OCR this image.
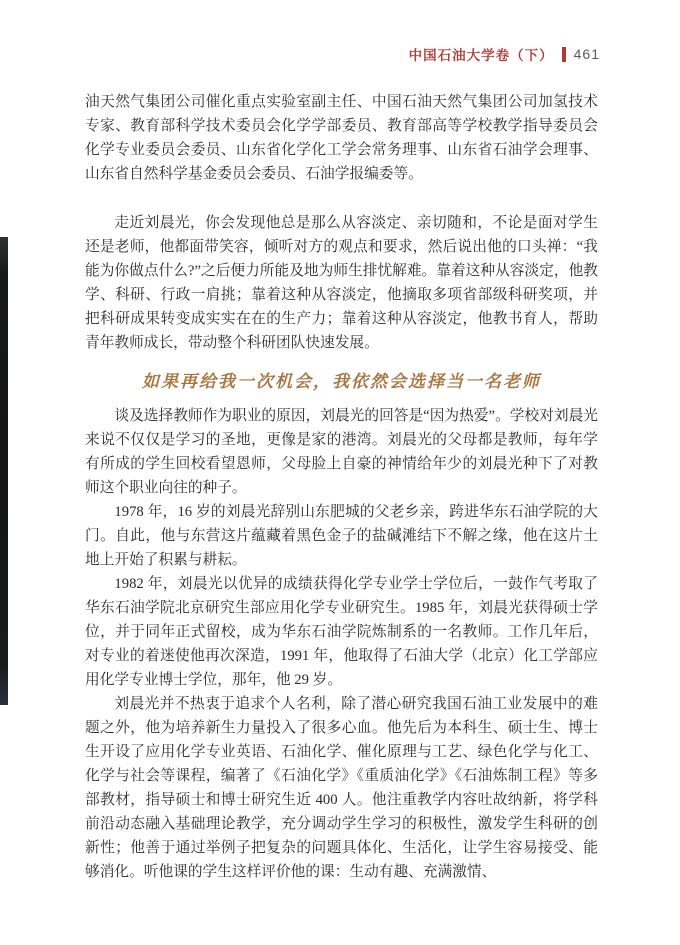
中国石油大学卷（下） 461

油天然气集团公司催化重点实验室副主任、中国石油天然气集团公司加氢技术专家、教育部科学技术委员会化学学部委员、教育部高等学校教学指导委员会化学专业委员会委员、山东省化学化工学会常务理事、山东省石油学会理事、山东省自然科学基金委员会委员、石油学报编委等。

走近刘晨光，你会发现他总是那么从容淡定、亲切随和，不论是面对学生还是老师，他都面带笑容，倾听对方的观点和要求，然后说出他的口头禅：“我能为你做点什么?”之后便力所能及地为师生排忧解难。靠着这种从容淡定，他教学、科研、行政一肩挑；靠着这种从容淡定，他摘取多项省部级科研奖项，并把科研成果转变成实实在在的生产力；靠着这种从容淡定，他教书育人，帮助青年教师成长，带动整个科研团队快速发展。

如果再给我一次机会，我依然会选择当一名老师

谈及选择教师作为职业的原因，刘晨光的回答是“因为热爱”。学校对刘晨光来说不仅仅是学习的圣地，更像是家的港湾。刘晨光的父母都是教师，每年学有所成的学生回校看望恩师，父母脸上自豪的神情给年少的刘晨光种下了对教师这个职业向往的种子。

1978 年，16 岁的刘晨光辞别山东肥城的父老乡亲，跨进华东石油学院的大门。自此，他与东营这片蕴藏着黑色金子的盐碱滩结下不解之缘，他在这片土地上开始了积累与耕耘。

1982 年，刘晨光以优异的成绩获得化学专业学士学位后，一鼓作气考取了华东石油学院北京研究生部应用化学专业研究生。1985 年，刘晨光获得硕士学位，并于同年正式留校，成为华东石油学院炼制系的一名教师。工作几年后，对专业的着迷使他再次深造，1991 年，他取得了石油大学（北京）化工学部应用化学专业博士学位，那年，他 29 岁。

刘晨光并不热衷于追求个人名利，除了潜心研究我国石油工业发展中的难题之外，他为培养新生力量投入了很多心血。他先后为本科生、硕士生、博士生开设了应用化学专业英语、石油化学、催化原理与工艺、绿色化学与化工、化学与社会等课程，编著了《石油化学》《重质油化学》《石油炼制工程》等多部教材，指导硕士和博士研究生近 400 人。他注重教学内容吐故纳新，将学科前沿动态融入基础理论教学，充分调动学生学习的积极性，激发学生科研的创新性；他善于通过举例子把复杂的问题具体化、生活化，让学生容易接受、能够消化。听他课的学生这样评价他的课：生动有趣、充满激情、
